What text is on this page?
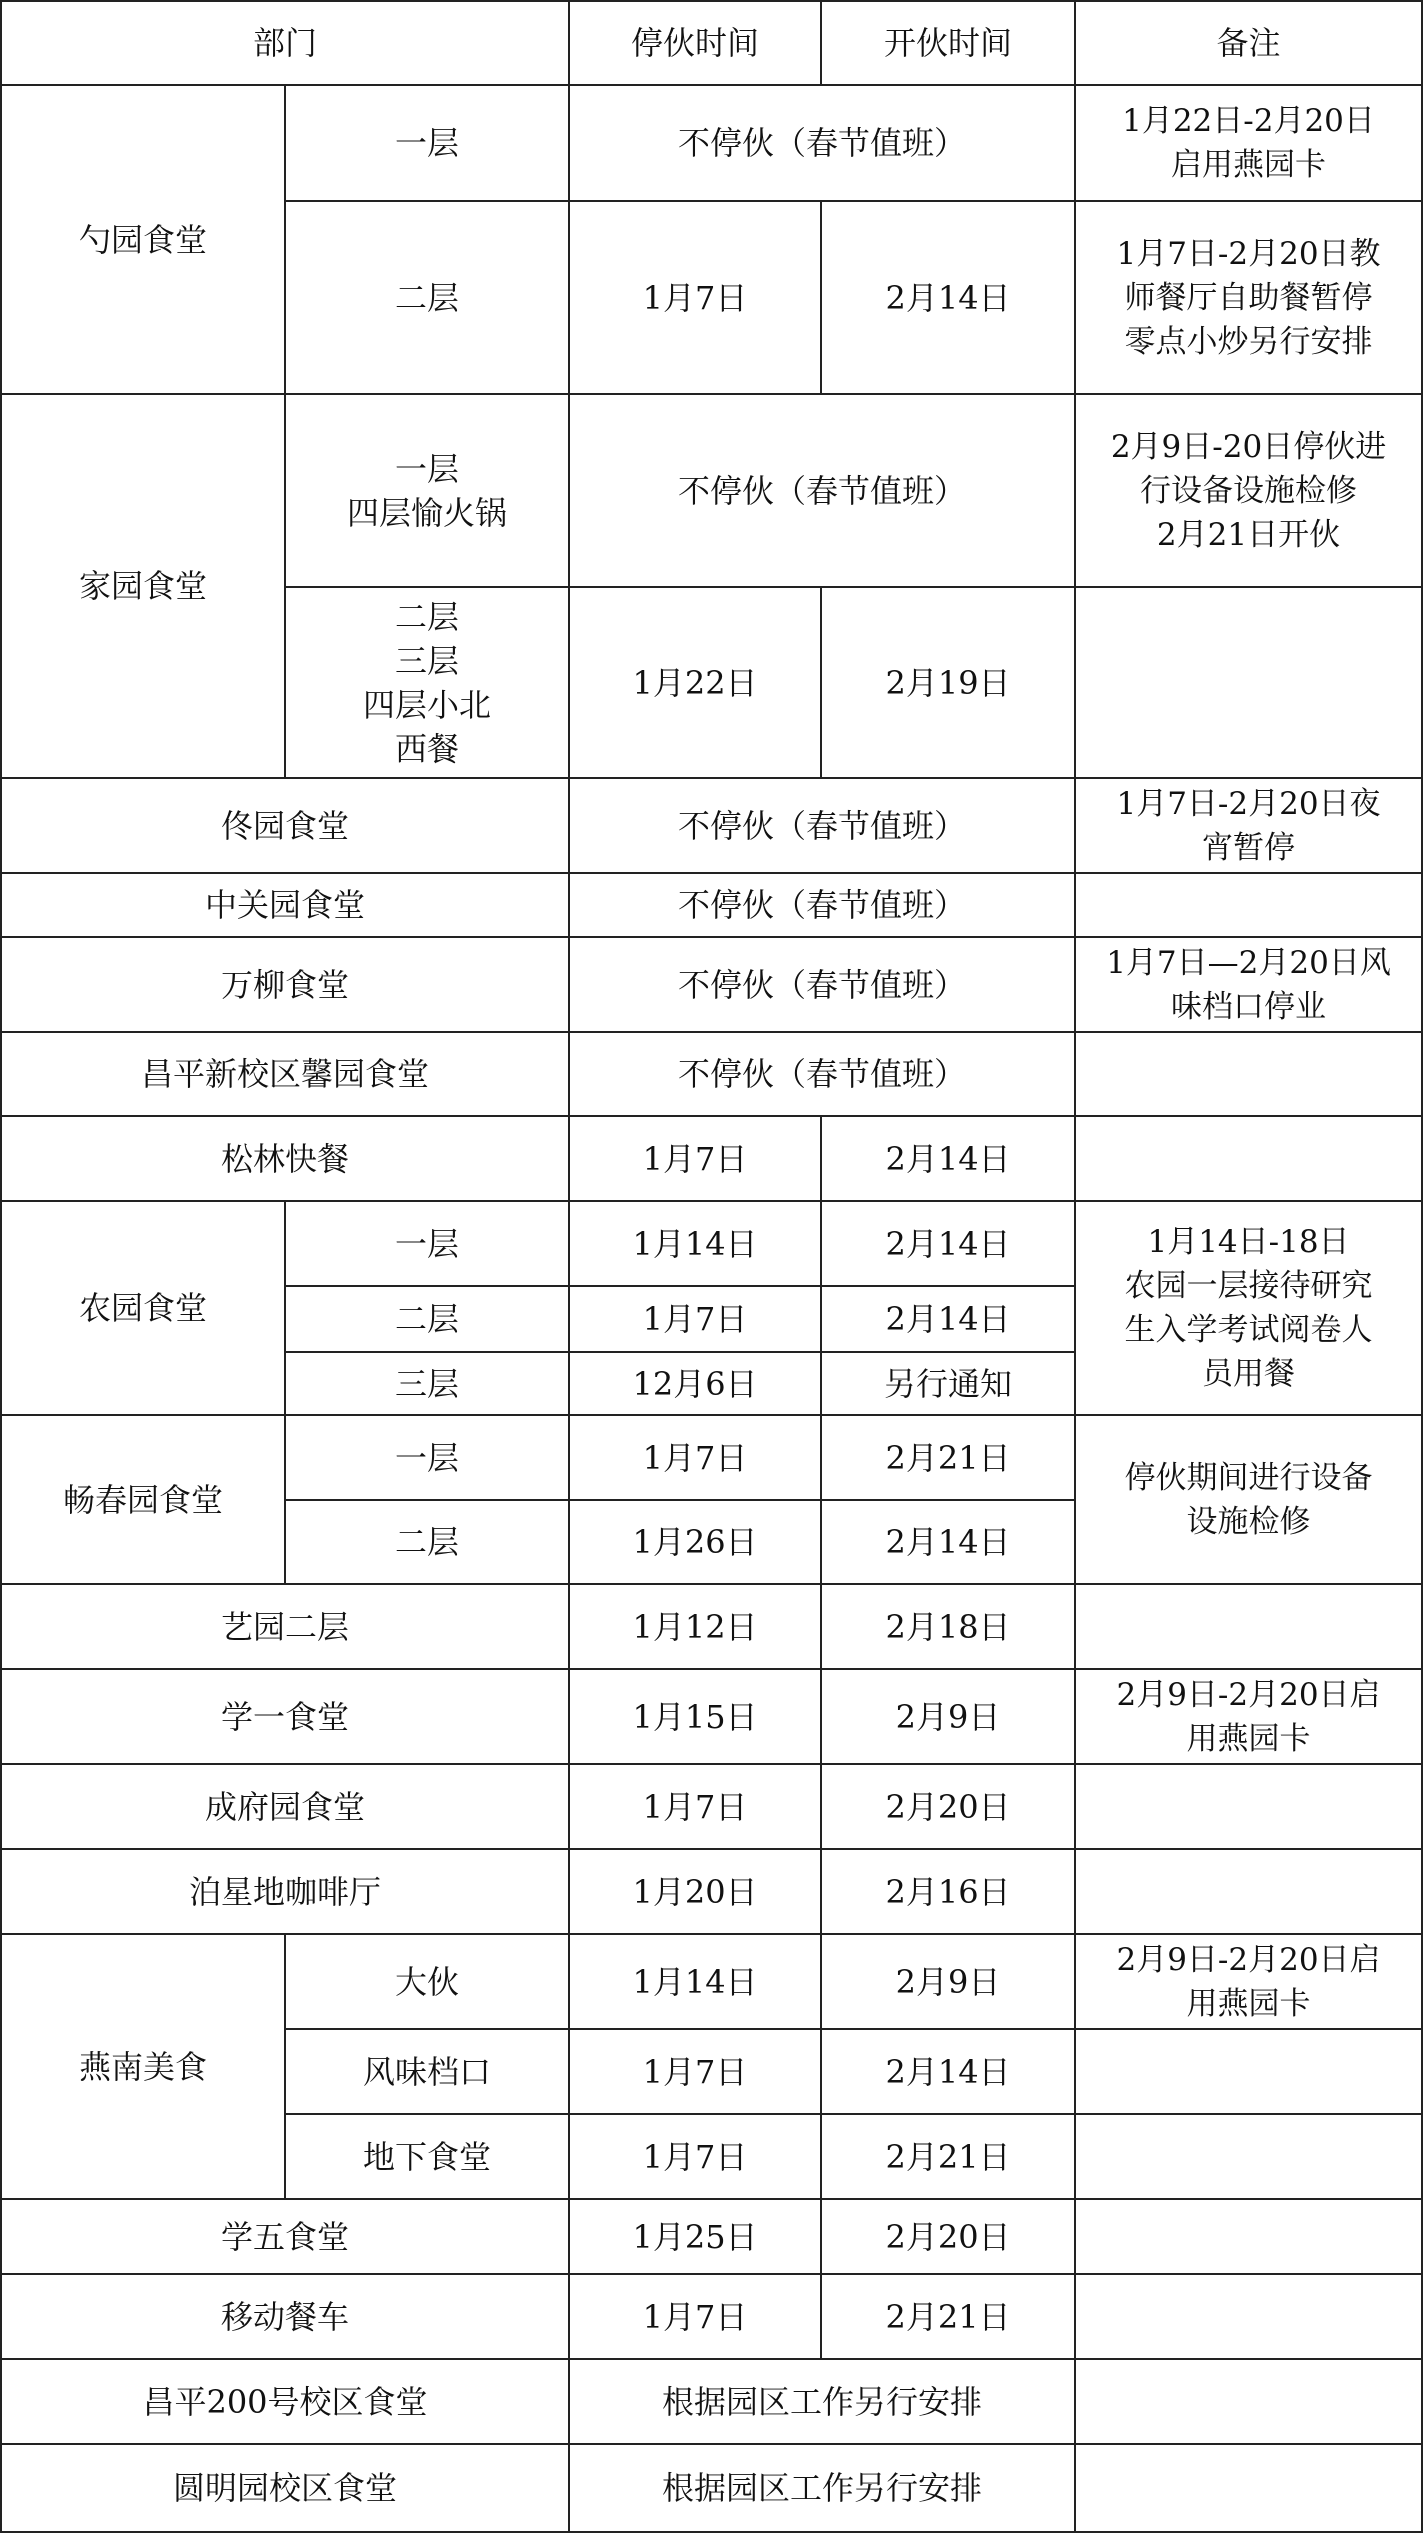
部门		停伙时间	开伙时间	备注
勺园食堂	一层	不停伙（春节值班）		1月22日-2月20日
启用燕园卡
	二层	1月7日	2月14日	1月7日-2月20日教
师餐厅自助餐暂停
零点小炒另行安排
家园食堂	一层
四层愉火锅	不停伙（春节值班）		2月9日-20日停伙进
行设备设施检修
2月21日开伙
	二层
三层
四层小北
西餐	1月22日	2月19日	
佟园食堂		不停伙（春节值班）		1月7日-2月20日夜
宵暂停
中关园食堂		不停伙（春节值班）		
万柳食堂		不停伙（春节值班）		1月7日—2月20日风
味档口停业
昌平新校区馨园食堂		不停伙（春节值班）		
松林快餐		1月7日	2月14日	
农园食堂	一层	1月14日	2月14日	1月14日-18日
农园一层接待研究
生入学考试阅卷人
员用餐
	二层	1月7日	2月14日	
	三层	12月6日	另行通知	
畅春园食堂	一层	1月7日	2月21日	停伙期间进行设备
设施检修
	二层	1月26日	2月14日	
艺园二层		1月12日	2月18日	
学一食堂		1月15日	2月9日	2月9日-2月20日启
用燕园卡
成府园食堂		1月7日	2月20日	
泊星地咖啡厅		1月20日	2月16日	
燕南美食	大伙	1月14日	2月9日	2月9日-2月20日启
用燕园卡
	风味档口	1月7日	2月14日	
	地下食堂	1月7日	2月21日	
学五食堂		1月25日	2月20日	
移动餐车		1月7日	2月21日	
昌平200号校区食堂		根据园区工作另行安排		
圆明园校区食堂		根据园区工作另行安排		
